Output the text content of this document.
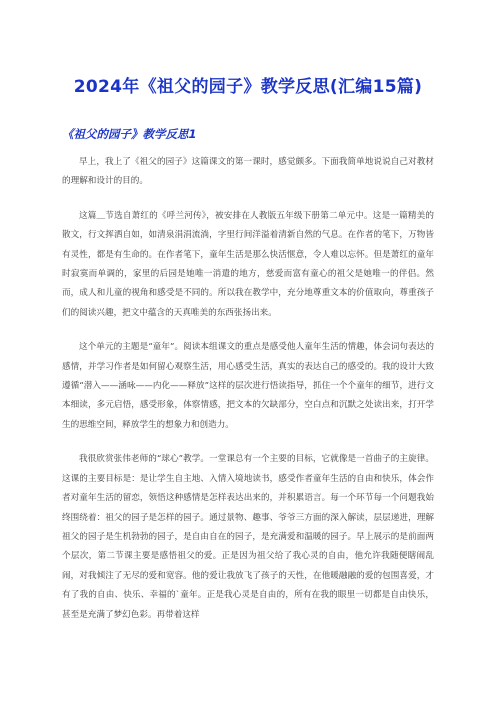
2024年《祖父的园子》教学反思(汇编15篇)
《祖父的园子》教学反思1

早上，我上了《祖父的园子》这篇课文的第一课时，感觉颇多。下面我简单地说说自己对教材的理解和设计的目的。

这篇＿节选自萧红的《呼兰河传》，被安排在人教版五年级下册第二单元中。这是一篇精美的散文，行文挥洒自如，如清泉涓涓流淌，字里行间洋溢着清新自然的气息。在作者的笔下，万物皆有灵性，都是有生命的。在作者笔下，童年生活是那么快活惬意，令人难以忘怀。但是萧红的童年时寂寞而单调的，家里的后园是她唯一消遣的地方，慈爱而富有童心的祖父是她唯一的伴侣。然而，成人和儿童的视角和感受是不同的。所以我在教学中，充分地尊重文本的价值取向，尊重孩子们的阅读兴趣，把文中蕴含的天真唯美的东西张扬出来。

这个单元的主题是“童年”。阅读本组课文的重点是感受他人童年生活的情趣，体会词句表达的感情，并学习作者是如何留心观察生活，用心感受生活，真实的表达自己的感受的。我的设计大致遵循“潜入——涵咏——内化——释放”这样的层次进行悟读指导，抓住一个个童年的细节，进行文本细读，多元启悟，感受形象，体察情感，把文本的欠缺部分，空白点和沉默之处读出来，打开学生的思维空间，释放学生的想象力和创造力。

我很欣赏张伟老师的“球心”教学。一堂课总有一个主要的目标，它就像是一首曲子的主旋律。这课的主要目标是：是让学生自主地、入情入境地读书，感受作者童年生活的自由和快乐，体会作者对童年生活的留恋，领悟这种感情是怎样表达出来的，并积累语言。每一个环节每一个问题我始终围绕着：祖父的园子是怎样的园子。通过景物、趣事、爷爷三方面的深入解读，层层递进，理解祖父的园子是生机勃勃的园子，是自由自在的园子，是充满爱和温暖的园子。早上展示的是前面两个层次，第二节课主要是感悟祖父的爱。正是因为祖父给了我心灵的自由，他允许我随便瞎闹乱闹，对我倾注了无尽的爱和宽容。他的爱让我放飞了孩子的天性，在他暖融融的爱的包围喜爱，才有了我的自由、快乐、幸福的`童年。正是我心灵是自由的，所有在我的眼里一切都是自由快乐，甚至是充满了梦幻色彩。再带着这样
